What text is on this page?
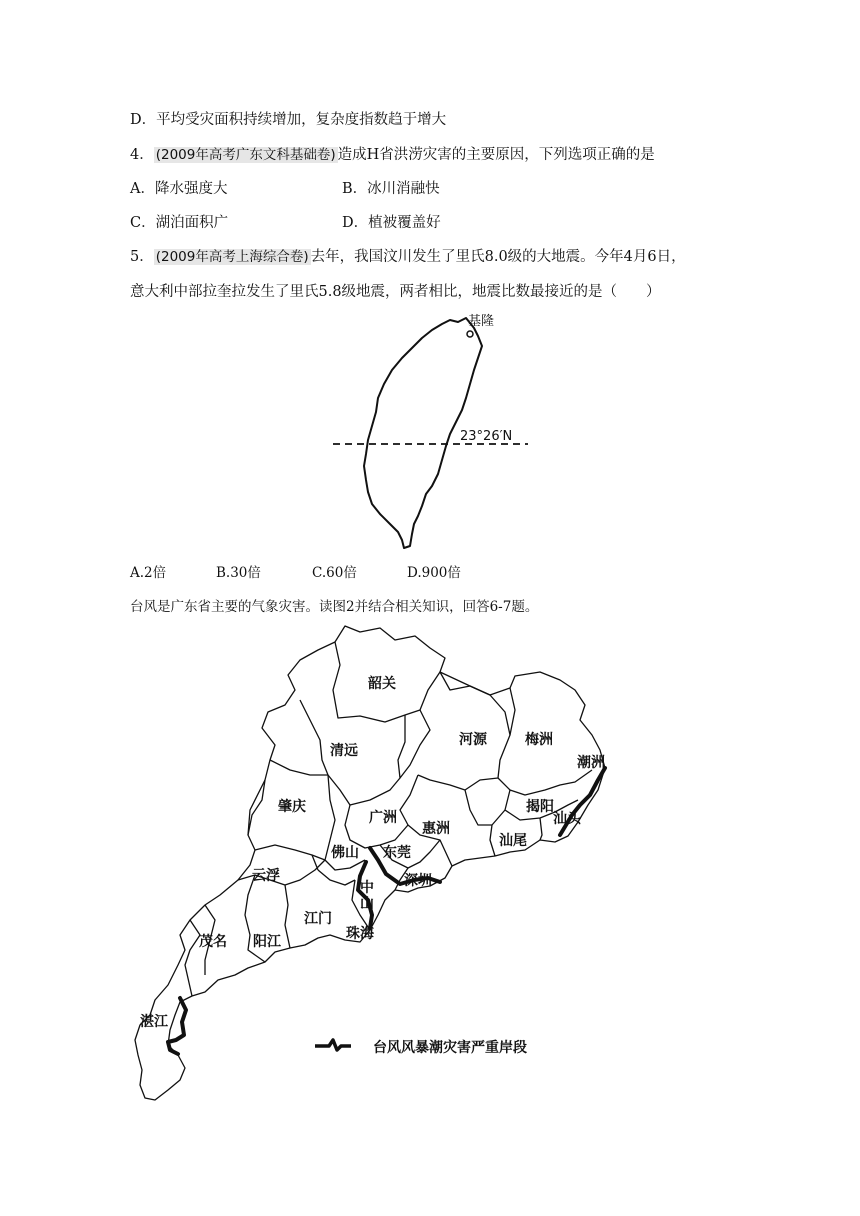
D．平均受灾面积持续增加，复杂度指数趋于增大
4． (2009年高考广东文科基础卷) 造成H省洪涝灾害的主要原因，下列选项正确的是
A．降水强度大	B．冰川消融快
C．湖泊面积广	D．植被覆盖好
5． (2009年高考上海综合卷) 去年，我国汶川发生了里氏8.0级的大地震。今年4月6日，
意大利中部拉奎拉发生了里氏5.8级地震，两者相比，地震比数最接近的是（　　）
基隆
23°26′N
A.2倍	B.30倍	C.60倍	D.900倍
台风是广东省主要的气象灾害。读图2并结合相关知识，回答6-7题。
韶关
清远
河源	梅洲
潮洲
肇庆
广洲
惠洲
揭阳
汕头
汕尾
佛山 东莞
云浮	深圳
中
山
江门
茂名 阳江	珠海
湛江
台风风暴潮灾害严重岸段
